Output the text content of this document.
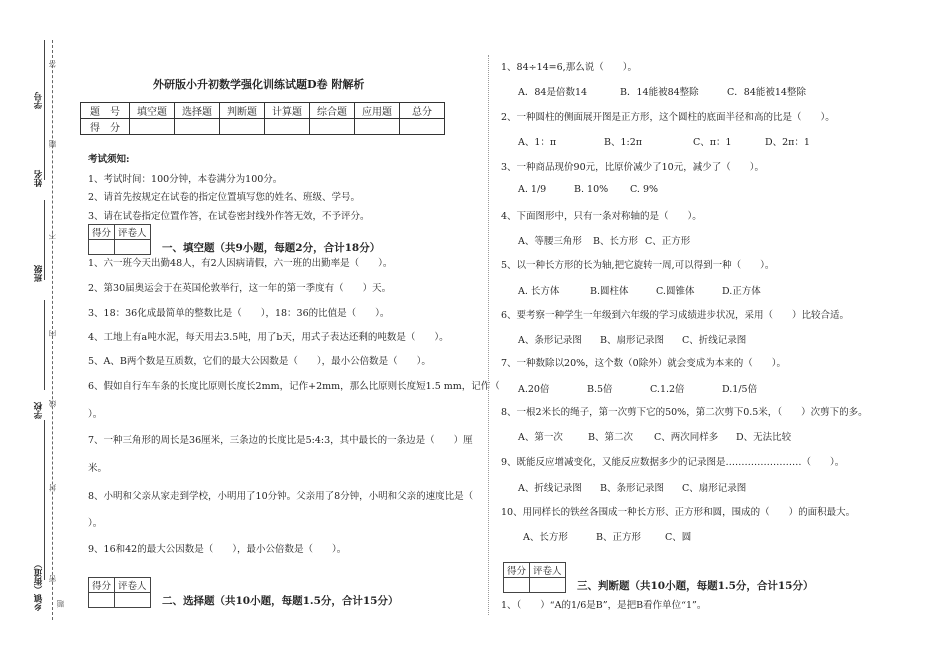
学号
姓名
班级
学校
乡镇（街道）
答
题
不
内
线
封
密
题
外研版小升初数学强化训练试题D卷 附解析
题　号	填空题	选择题	判断题	计算题	综合题	应用题	总分
得　分							
考试须知:
1、考试时间：100分钟，本卷满分为100分。
2、请首先按规定在试卷的指定位置填写您的姓名、班级、学号。
3、请在试卷指定位置作答，在试卷密封线外作答无效，不予评分。
得分	评卷人

一、填空题（共9小题，每题2分，合计18分）
1、六一班今天出勤48人，有2人因病请假，六一班的出勤率是（　　）。
2、第30届奥运会于在英国伦敦举行，这一年的第一季度有（　　）天。
3、18：36化成最简单的整数比是（　　），18：36的比值是（　　）。
4、工地上有a吨水泥，每天用去3.5吨，用了b天，用式子表达还剩的吨数是（　　）。
5、A、B两个数是互质数，它们的最大公因数是（　　），最小公倍数是（　　）。
6、假如自行车车条的长度比原则长度长2mm，记作+2mm，那么比原则长度短1.5 mm，记作（
）。
7、一种三角形的周长是36厘米，三条边的长度比是5:4:3，其中最长的一条边是（　　）厘
米。
8、小明和父亲从家走到学校，小明用了10分钟。父亲用了8分钟，小明和父亲的速度比是（
）。
9、16和42的最大公因数是（　　），最小公倍数是（　　）。
得分	评卷人

二、选择题（共10小题，每题1.5分，合计15分）
1、84÷14=6,那么说（　　）。
A．84是倍数14	B．14能被84整除	C．84能被14整除
2、一种圆柱的侧面展开图是正方形，这个圆柱的底面半径和高的比是（　　）。
A、1：π	B、1:2π	C、π：1	D、2π：1
3、一种商品现价90元，比原价减少了10元，减少了（　　）。
A. 1/9	B. 10% C. 9%
4、下面图形中，只有一条对称轴的是（　　）。
A、等腰三角形 B、长方形 C、正方形
5、以一种长方形的长为轴,把它旋转一周,可以得到一种（　　）。
A. 长方体	B.圆柱体	C.圆锥体	D.正方体
6、要考察一种学生一年级到六年级的学习成绩进步状况，采用（　　）比较合适。
A、条形记录图 B、扇形记录图 C、折线记录图
7、一种数除以20%，这个数（0除外）就会变成为本来的（　　）。
A.20倍	B.5倍	C.1.2倍	D.1/5倍
8、一根2米长的绳子，第一次剪下它的50%，第二次剪下0.5米，（　　）次剪下的多。
A、第一次	B、第二次 C、两次同样多 D、无法比较
9、既能反应增减变化，又能反应数据多少的记录图是……………………（　　）。
A、折线记录图 B、条形记录图 C、扇形记录图
10、用同样长的铁丝各围成一种长方形、正方形和圆，围成的（　　）的面积最大。
A、长方形	B、正方形	C、圆
得分	评卷人

三、判断题（共10小题，每题1.5分，合计15分）
1、（　　）“A的1/6是B”，是把B看作单位“1”。
